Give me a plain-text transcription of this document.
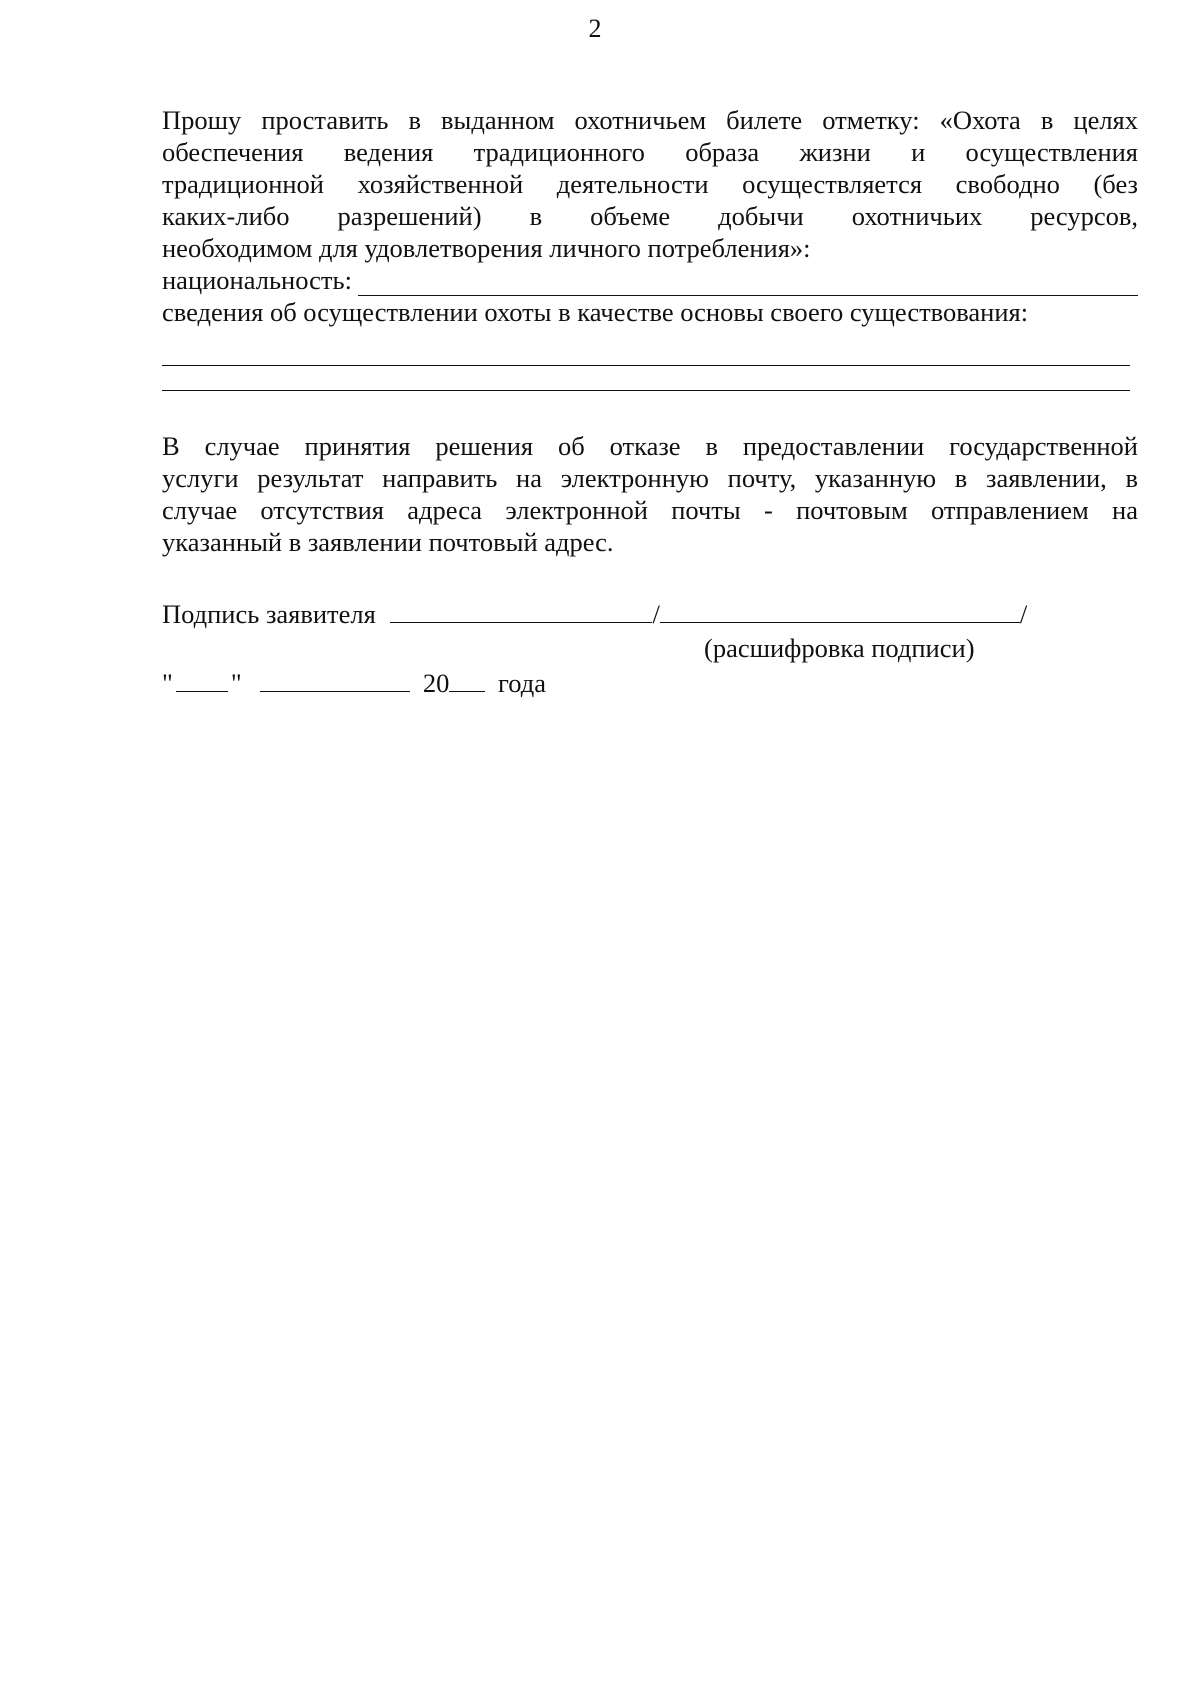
2
Прошу проставить в выданном охотничьем билете отметку: «Охота в целях
обеспечения ведения традиционного образа жизни и осуществления
традиционной хозяйственной деятельности осуществляется свободно (без
каких-либо разрешений) в объеме добычи охотничьих ресурсов,
необходимом для удовлетворения личного потребления»:
национальность:
сведения об осуществлении охоты в качестве основы своего существования:
В случае принятия решения об отказе в предоставлении государственной
услуги результат направить на электронную почту, указанную в заявлении, в
случае отсутствия адреса электронной почты - почтовым отправлением на
указанный в заявлении почтовый адрес.
Подпись заявителя	/	/
(расшифровка подписи)
" "	20 года
